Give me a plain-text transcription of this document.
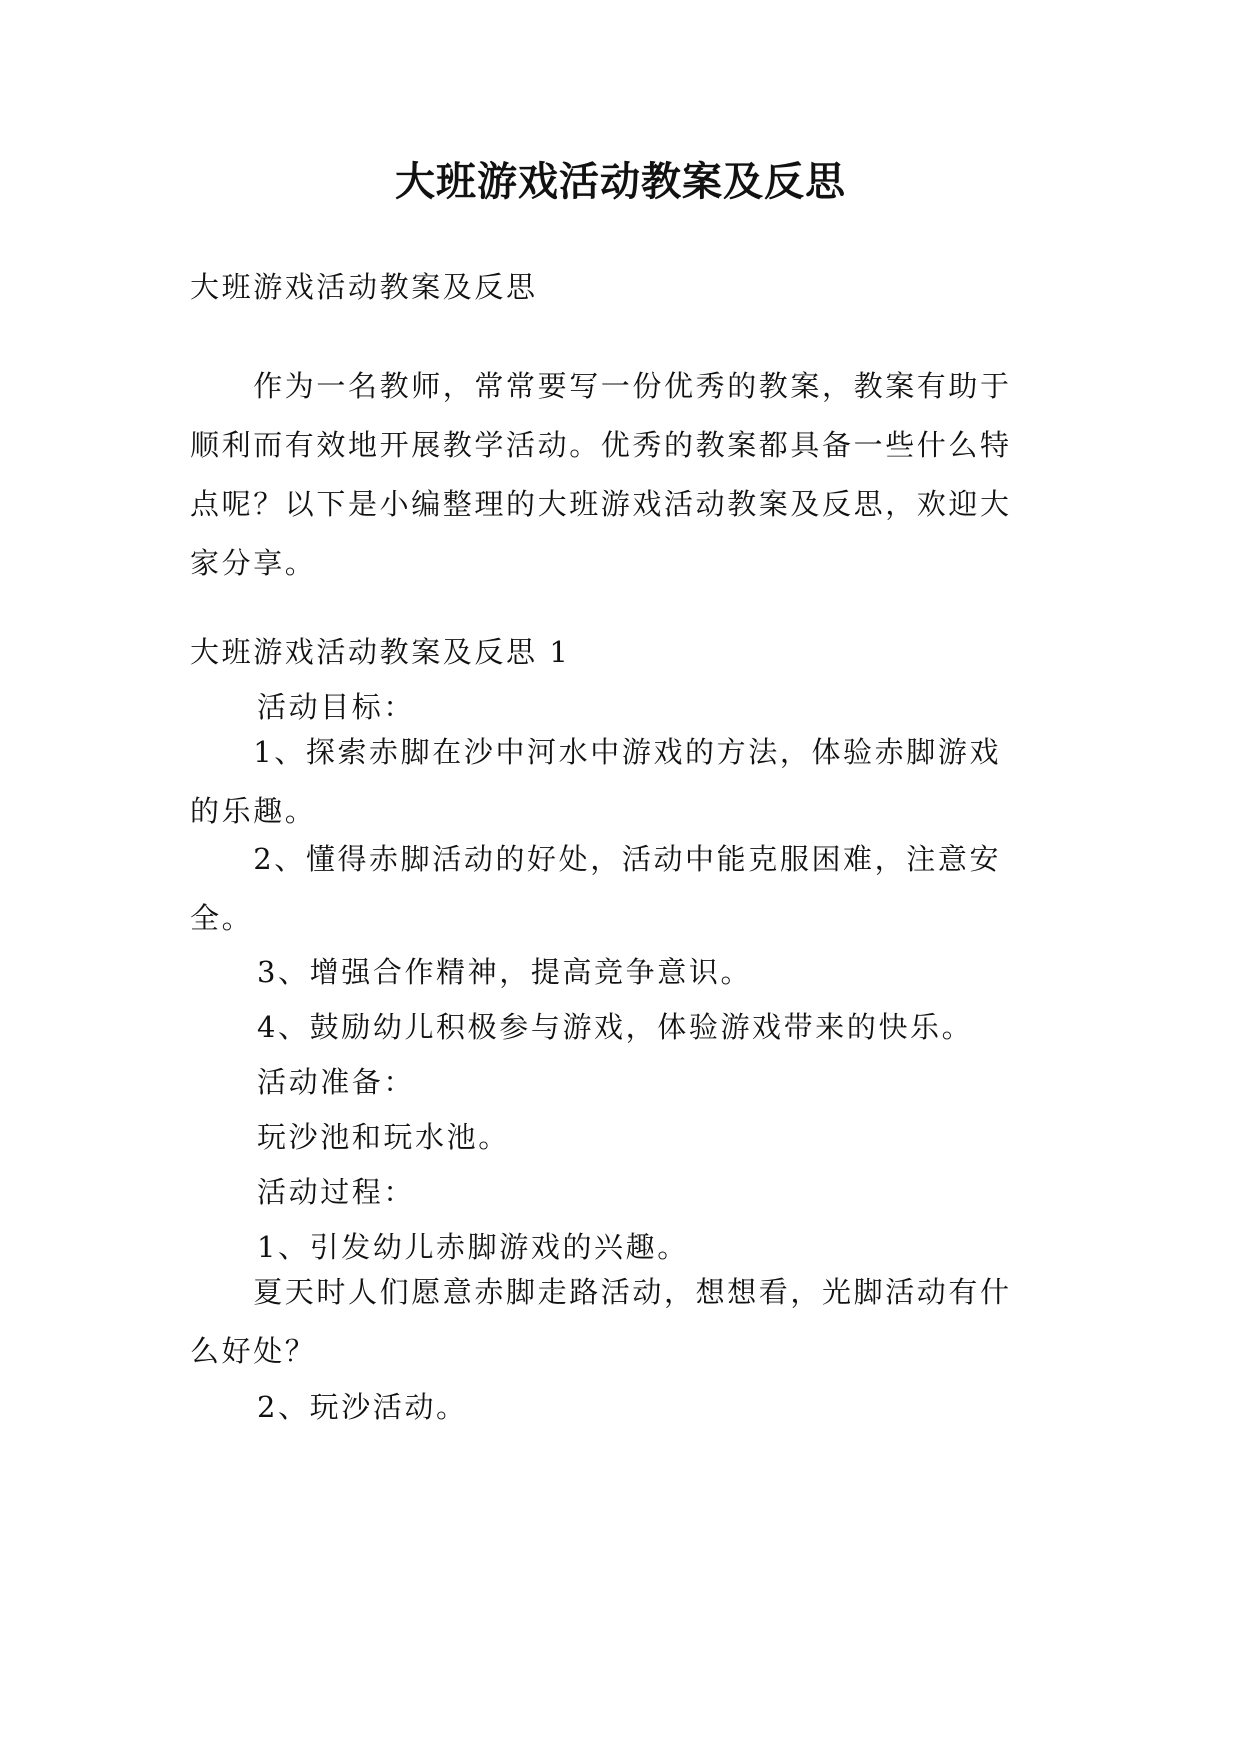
大班游戏活动教案及反思
大班游戏活动教案及反思
　　作为一名教师，常常要写一份优秀的教案，教案有助于
顺利而有效地开展教学活动。优秀的教案都具备一些什么特
点呢？以下是小编整理的大班游戏活动教案及反思，欢迎大
家分享。
大班游戏活动教案及反思 1
活动目标：
　　1、探索赤脚在沙中河水中游戏的方法，体验赤脚游戏
的乐趣。
　　2、懂得赤脚活动的好处，活动中能克服困难，注意安
全。
3、增强合作精神，提高竞争意识。
4、鼓励幼儿积极参与游戏，体验游戏带来的快乐。
活动准备：
玩沙池和玩水池。
活动过程：
1、引发幼儿赤脚游戏的兴趣。
　　夏天时人们愿意赤脚走路活动，想想看，光脚活动有什
么好处？
2、玩沙活动。
